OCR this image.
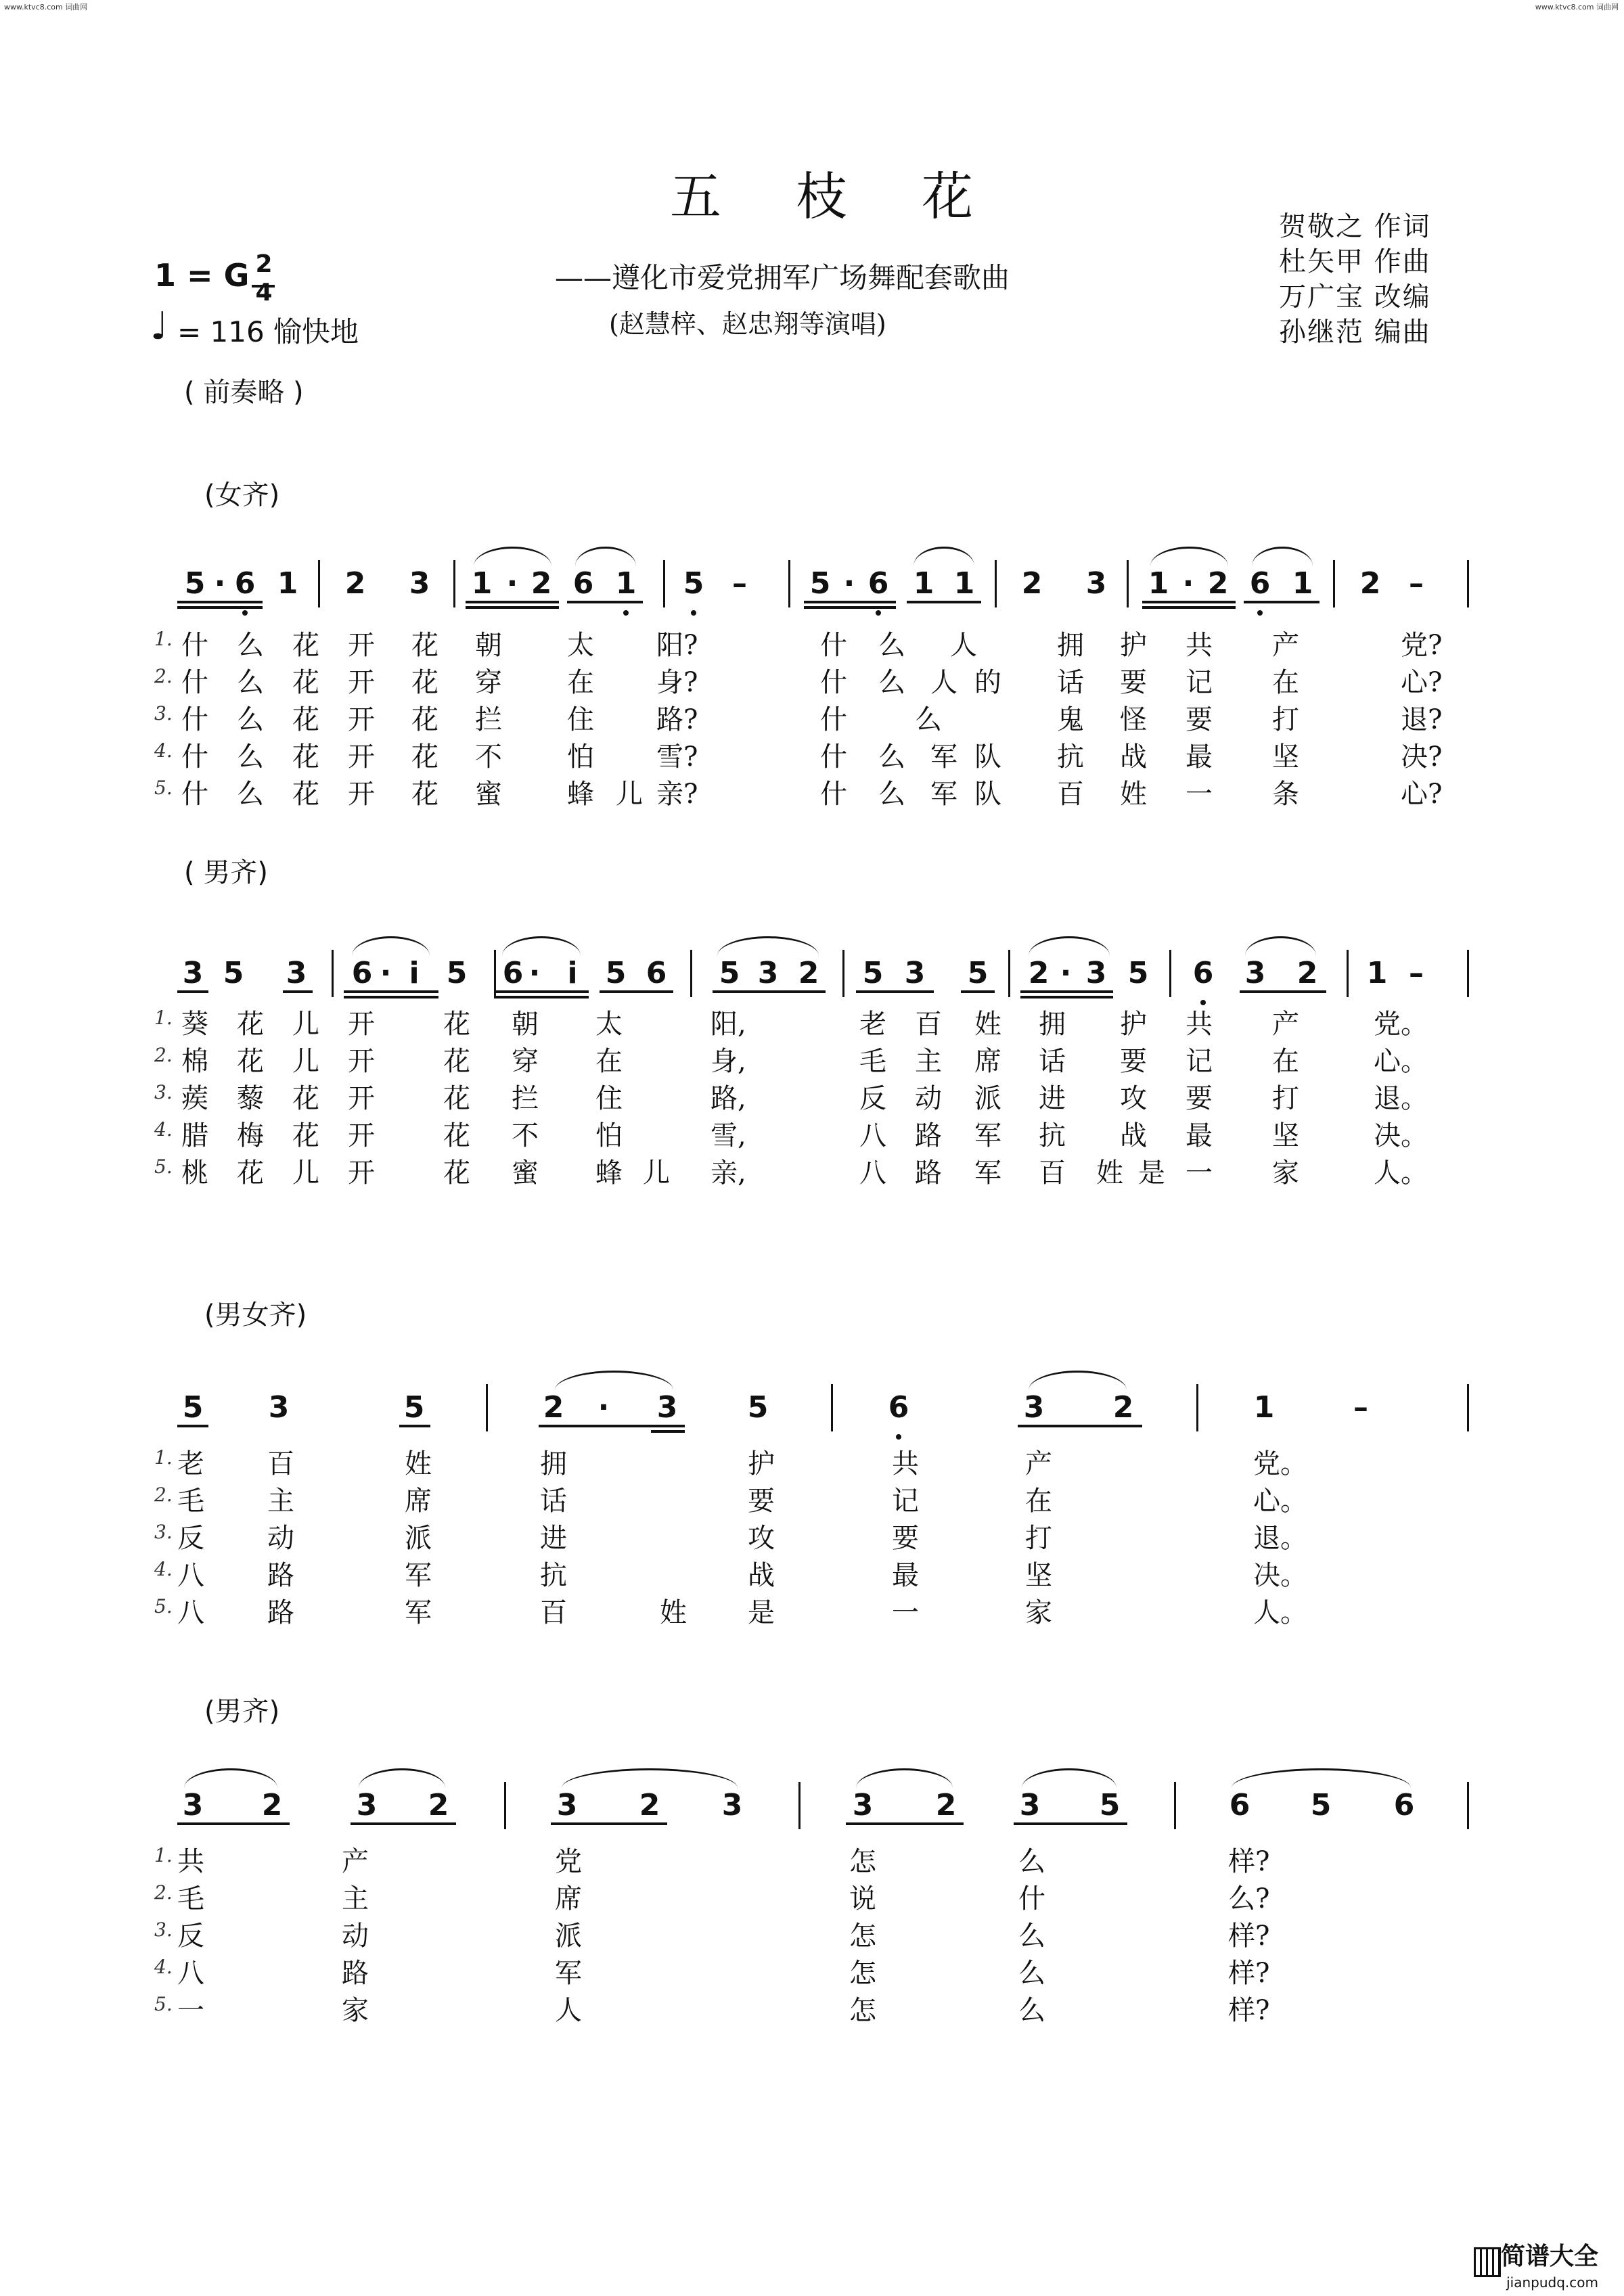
www.ktvc8.com 词曲网	www.ktvc8.com 词曲网
五枝花
——遵化市爱党拥军广场舞配套歌曲
(赵慧梓、赵忠翔等演唱)
贺敬之 作词
杜矢甲 作曲
万广宝 改编
孙继范 编曲
1 = G 2
4
♩ = 116 愉快地
( 前奏略 )
(女齐)
5 6 1 2 3 1 2 6 1 5 – 5 6 1 1 2 3 1 2 6 1 2 –
·	·	·	·
1. 什 么 花 开 花 朝 太 阳?	什 么 人	拥 护 共 产	党?
2. 什 么 花 开 花 穿 在 身?	什 么 人 的 话 要 记 在	心?
3. 什 么 花 开 花 拦 住 路?	什	么	鬼 怪 要 打	退?
4. 什 么 花 开 花 不 怕 雪?	什 么 军 队 抗 战 最 坚	决?
5. 什 么 花 开 花 蜜 蜂 儿 亲?	什 么 军 队 百 姓 一 条	心?
( 男齐)
3 5 3 6	i 5 6	i 5 6 5 3 2 5 3 5 2 3 5 6 3 2 1 –
·	·	·
1. 葵 花 儿 开	花 朝 太	阳,	老 百 姓 拥 护 共 产	党。
2. 棉 花 儿 开	花 穿 在	身,	毛 主 席 话 要 记 在	心。
3. 蒺 藜 花 开	花 拦 住	路,	反 动 派 进 攻 要 打	退。
4. 腊 梅 花 开	花 不 怕	雪,	八 路 军 抗 战 最 坚	决。
5. 桃 花 儿 开	花 蜜 蜂 儿 亲,	八 路 军 百 姓 是 一 家	人。
(男女齐)
5 3	5	2	·	3 5	6	3 2	1	–
1. 老 百	姓	拥	护	共	产	党。
2. 毛 主	席	话	要	记	在	心。
3. 反 动	派	进	攻	要	打	退。
4. 八 路	军	抗	战	最	坚	决。
5. 八 路	军	百	姓 是	一	家	人。
(男齐)
3 2 3 2	3 2 3	3 2 3 5	6 5 6
1. 共	产	党	怎	么	样?
2. 毛	主	席	说	什	么?
3. 反	动	派	怎	么	样?
4. 八	路	军	怎	么	样?
5. 一	家	人	怎	么	样?
简谱大全
jianpudq.com
